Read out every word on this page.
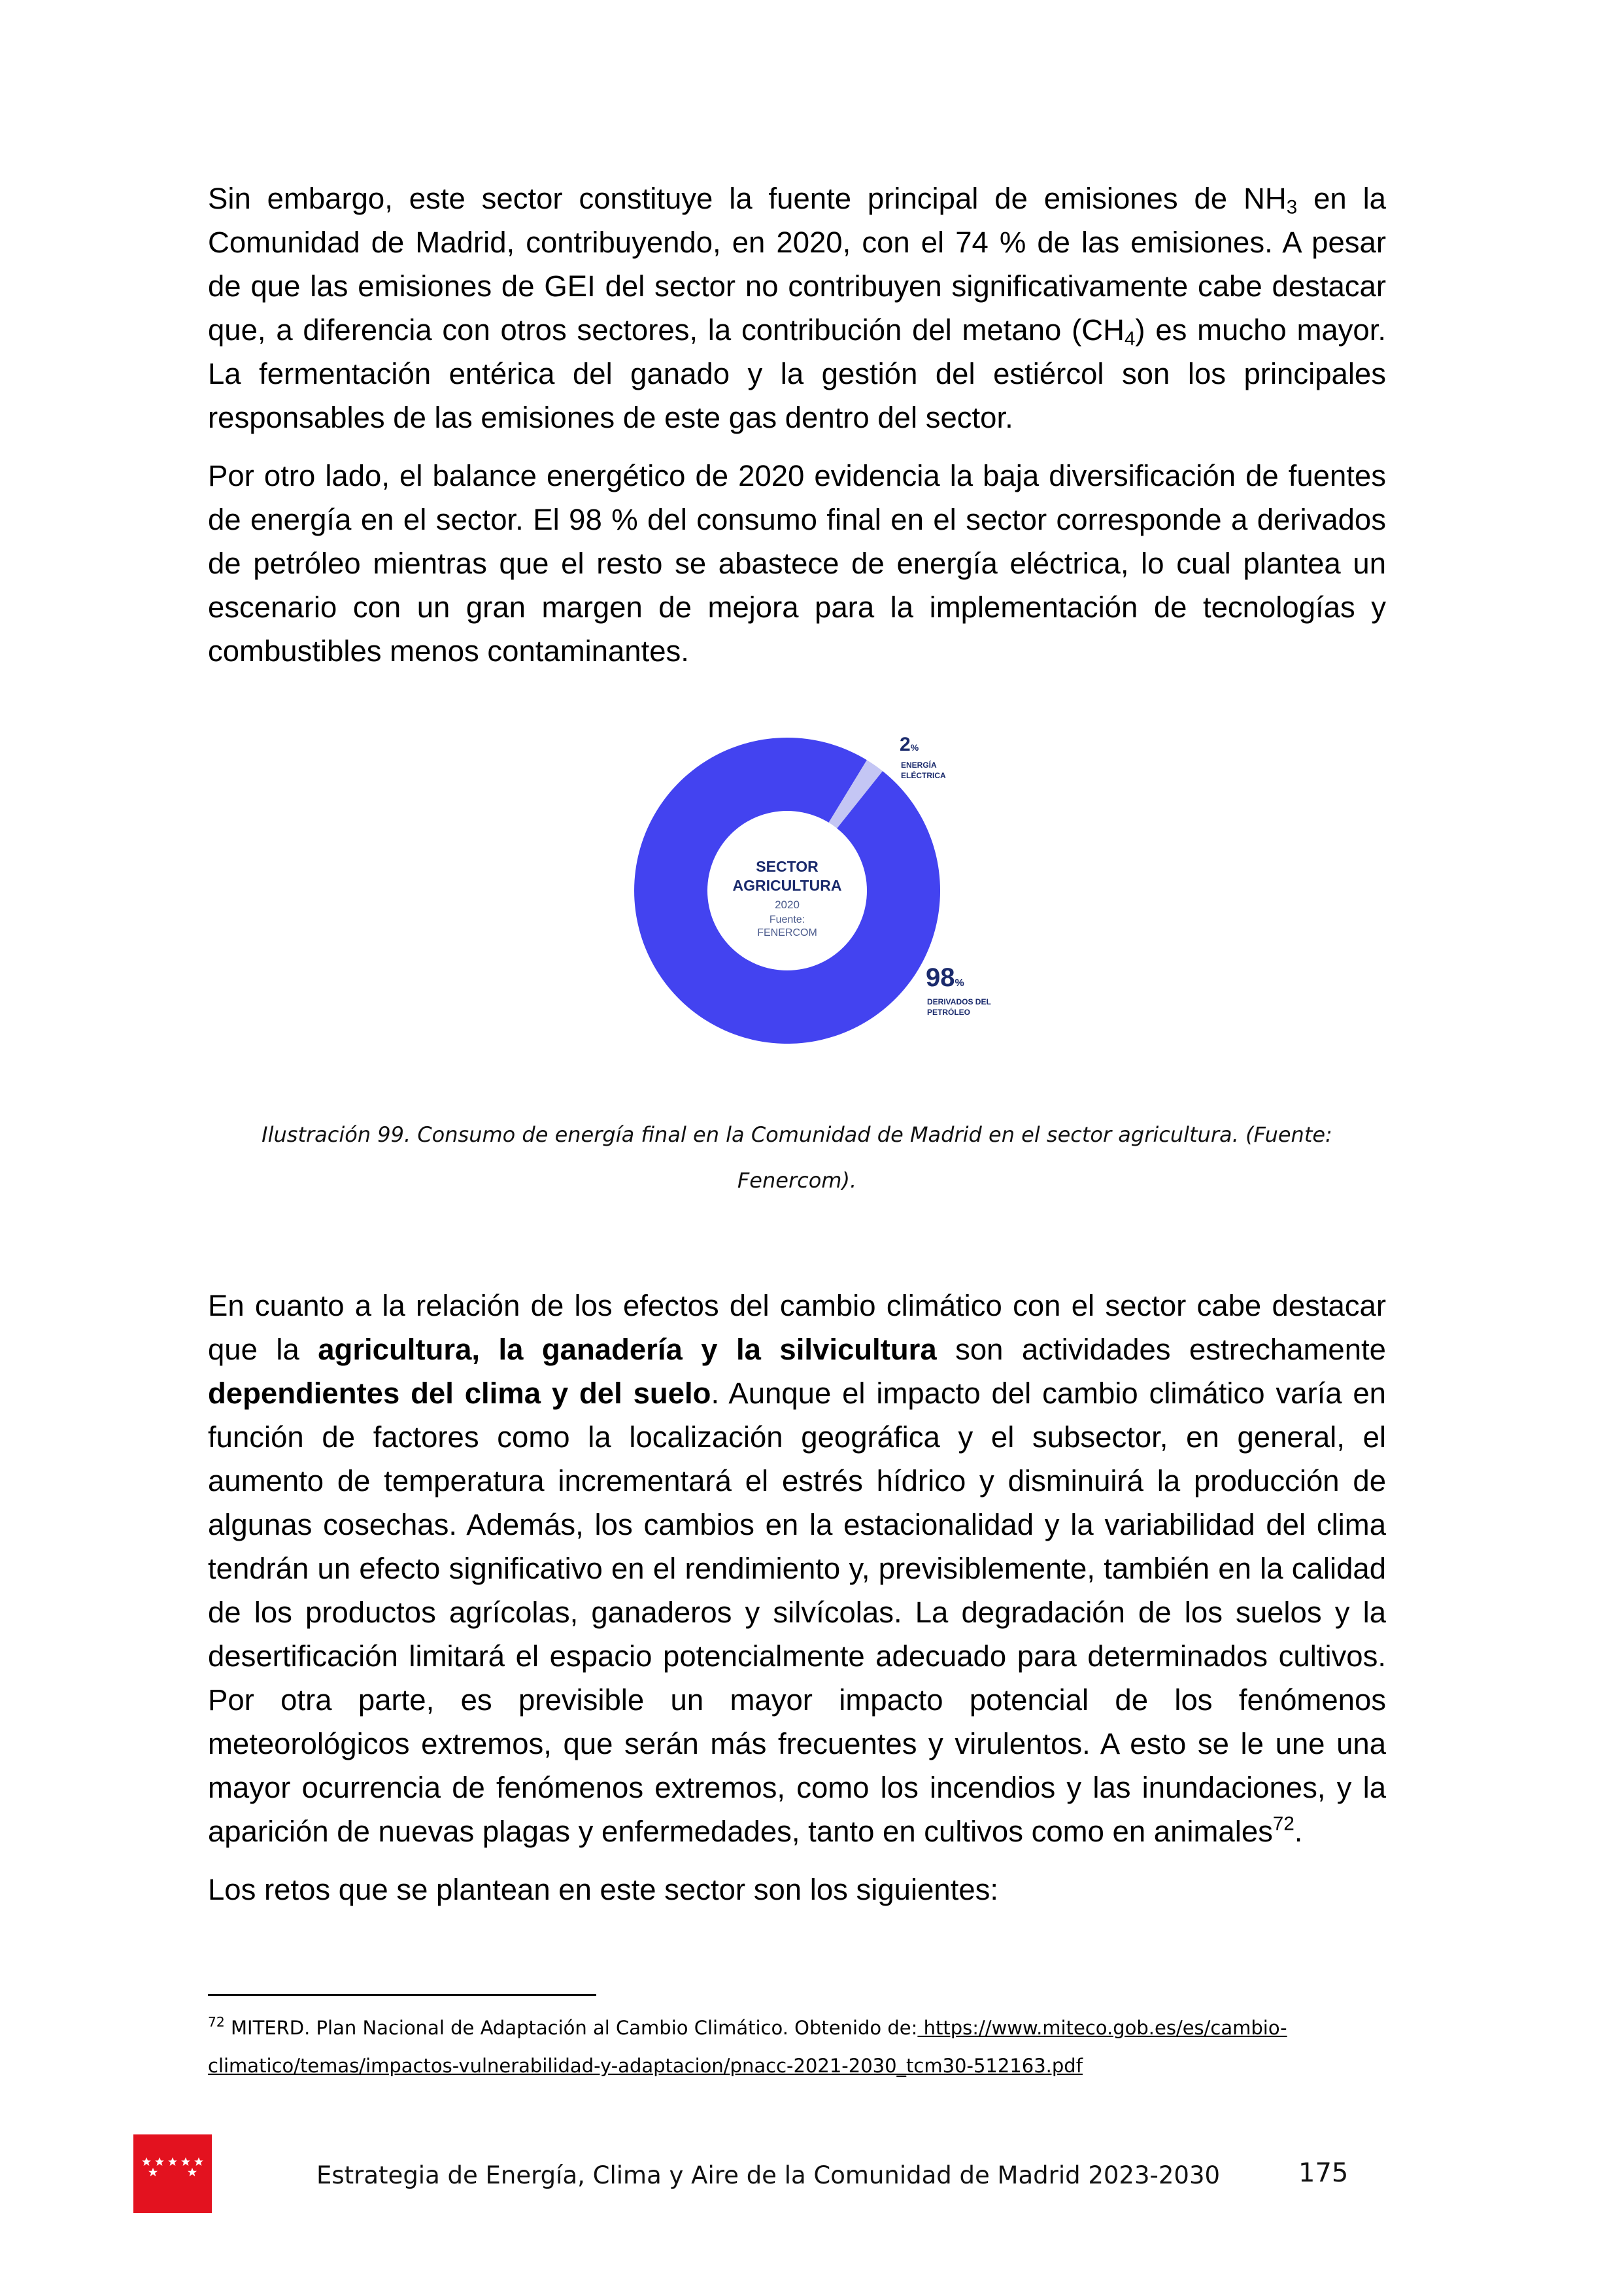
Sin embargo, este sector constituye la fuente principal de emisiones de $NH_3$ en la Comunidad de Madrid, contribuyendo, en 2020, con el 74 % de las emisiones. A pesar de que las emisiones de GEI del sector no contribuyen significativamente cabe destacar que, a diferencia con otros sectores, la contribución del metano $(CH_4)$ es mucho mayor. La fermentación entérica del ganado y la gestión del estiércol son los principales responsables de las emisiones de este gas dentro del sector.

Por otro lado, el balance energético de 2020 evidencia la baja diversificación de fuentes de energía en el sector. El 98 % del consumo final en el sector corresponde a derivados de petróleo mientras que el resto se abastece de energía eléctrica, lo cual plantea un escenario con un gran margen de mejora para la implementación de tecnologías y combustibles menos contaminantes.

SECTOR
AGRICULTURA
2020
Fuente:
FENERCOM
2%
ENERGÍA
ELÉCTRICA
98%
DERIVADOS DEL
PETRÓLEO
Ilustración 99. Consumo de energía final en la Comunidad de Madrid en el sector agricultura. (Fuente:
Fenercom).

En cuanto a la relación de los efectos del cambio climático con el sector cabe destacar que la agricultura, la ganadería y la silvicultura son actividades estrechamente dependientes del clima y del suelo. Aunque el impacto del cambio climático varía en función de factores como la localización geográfica y el subsector, en general, el aumento de temperatura incrementará el estrés hídrico y disminuirá la producción de algunas cosechas. Además, los cambios en la estacionalidad y la variabilidad del clima tendrán un efecto significativo en el rendimiento y, previsiblemente, también en la calidad de los productos agrícolas, ganaderos y silvícolas. La degradación de los suelos y la desertificación limitará el espacio potencialmente adecuado para determinados cultivos. Por otra parte, es previsible un mayor impacto potencial de los fenómenos meteorológicos extremos, que serán más frecuentes y virulentos. A esto se le une una mayor ocurrencia de fenómenos extremos, como los incendios y las inundaciones, y la aparición de nuevas plagas y enfermedades, tanto en cultivos como en animales$^{72}$.

Los retos que se plantean en este sector son los siguientes:

$^{72}$ MITERD. Plan Nacional de Adaptación al Cambio Climático. Obtenido de: https://www.miteco.gob.es/es/cambio-climatico/temas/impactos-vulnerabilidad-y-adaptacion/pnacc-2021-2030_tcm30-512163.pdf
Estrategia de Energía, Clima y Aire de la Comunidad de Madrid 2023-2030	175
